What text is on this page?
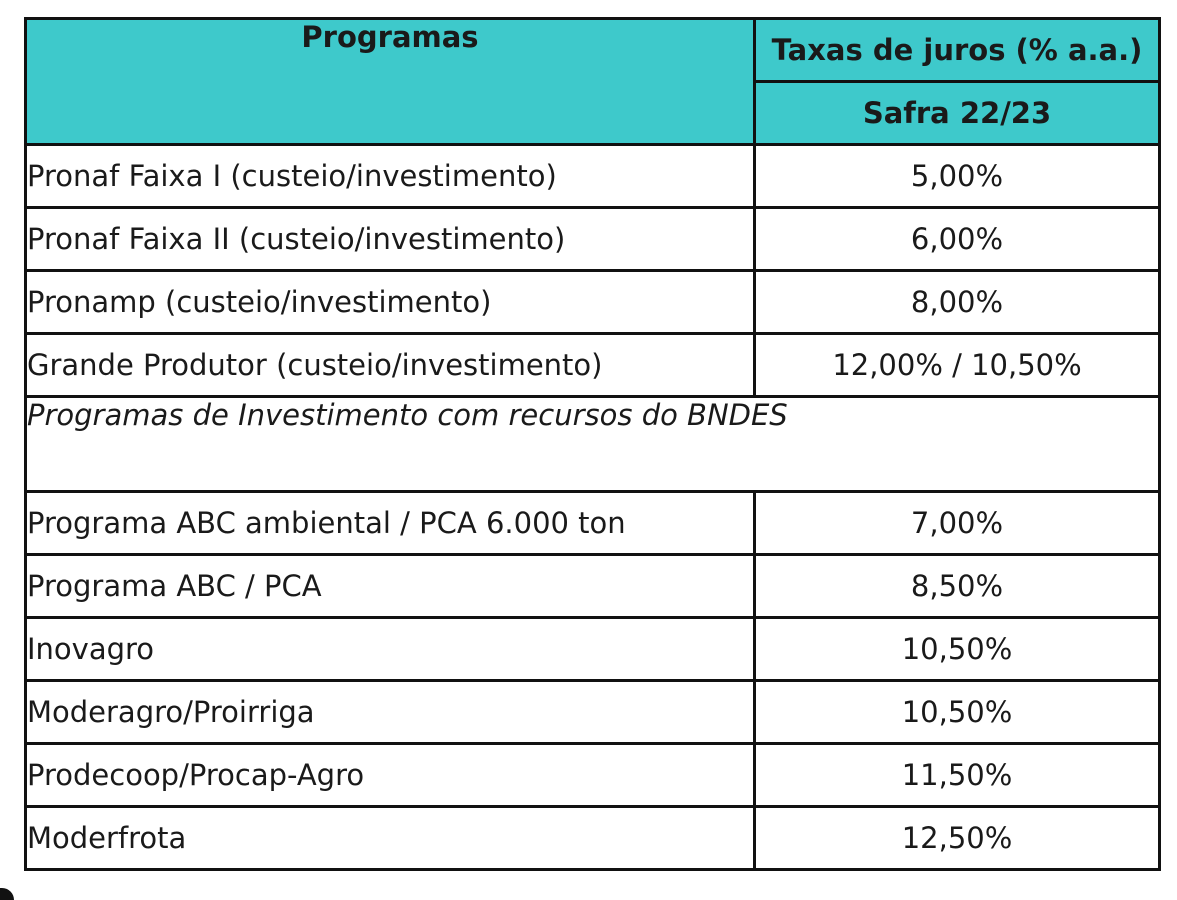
Programas	Taxas de juros (% a.a.)
	Safra 22/23
Pronaf Faixa I (custeio/investimento)	5,00%
Pronaf Faixa II (custeio/investimento)	6,00%
Pronamp (custeio/investimento)	8,00%
Grande Produtor (custeio/investimento)	12,00% / 10,50%
Programas de Investimento com recursos do BNDES	
Programa ABC ambiental / PCA 6.000 ton	7,00%
Programa ABC / PCA	8,50%
Inovagro	10,50%
Moderagro/Proirriga	10,50%
Prodecoop/Procap-Agro	11,50%
Moderfrota	12,50%
